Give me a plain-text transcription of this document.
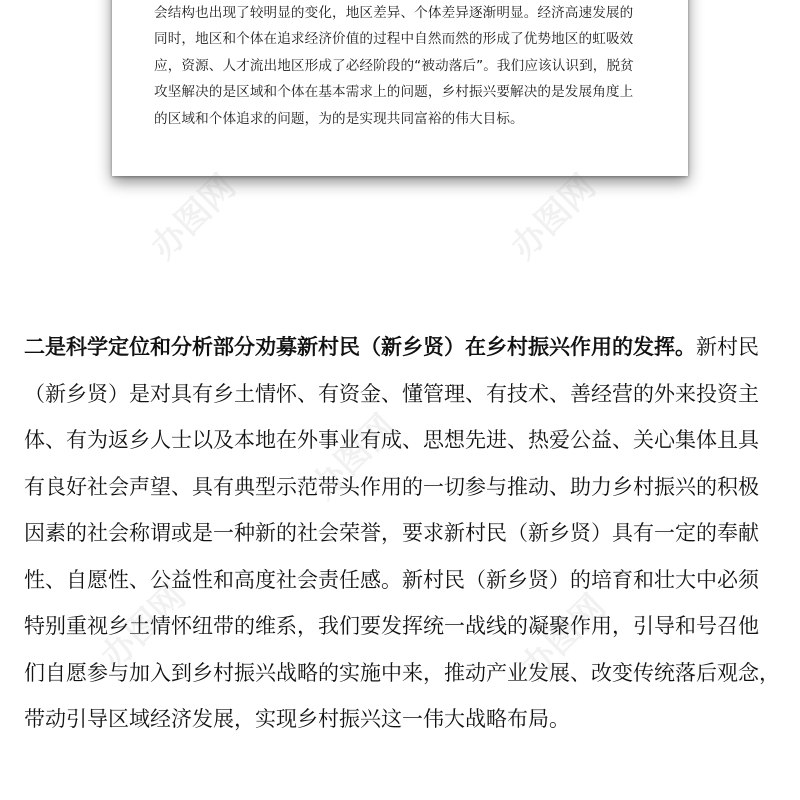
会结构也出现了较明显的变化，地区差异、个体差异逐渐明显。经济高速发展的
同时，地区和个体在追求经济价值的过程中自然而然的形成了优势地区的虹吸效
应，资源、人才流出地区形成了必经阶段的“被动落后”。我们应该认识到，脱贫
攻坚解决的是区域和个体在基本需求上的问题，乡村振兴要解决的是发展角度上
的区域和个体追求的问题，为的是实现共同富裕的伟大目标。
二是科学定位和分析部分劝募新村民（新乡贤）在乡村振兴作用的发挥。新村民
（新乡贤）是对具有乡土情怀、有资金、懂管理、有技术、善经营的外来投资主
体、有为返乡人士以及本地在外事业有成、思想先进、热爱公益、关心集体且具
有良好社会声望、具有典型示范带头作用的一切参与推动、助力乡村振兴的积极
因素的社会称谓或是一种新的社会荣誉，要求新村民（新乡贤）具有一定的奉献
性、自愿性、公益性和高度社会责任感。新村民（新乡贤）的培育和壮大中必须
特别重视乡土情怀纽带的维系，我们要发挥统一战线的凝聚作用，引导和号召他
们自愿参与加入到乡村振兴战略的实施中来，推动产业发展、改变传统落后观念，
带动引导区域经济发展，实现乡村振兴这一伟大战略布局。
办图网	办图网
办图网
办图网	办图网
